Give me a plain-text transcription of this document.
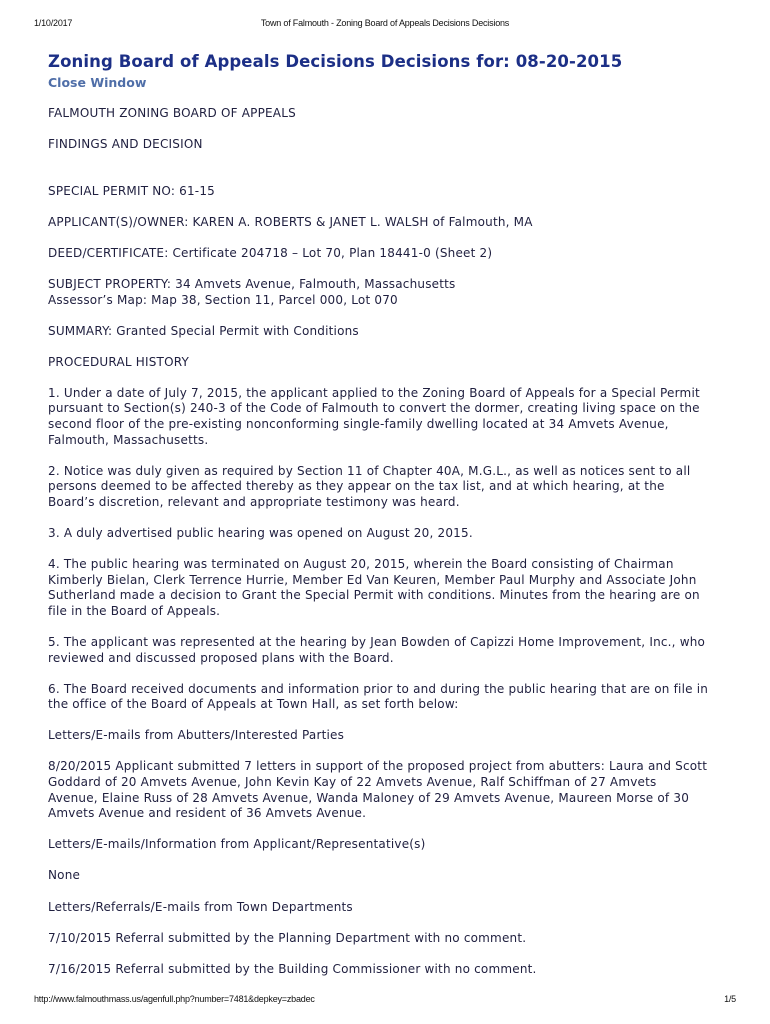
1/10/2017	Town of Falmouth - Zoning Board of Appeals Decisions Decisions
Zoning Board of Appeals Decisions Decisions for: 08-20-2015
Close Window

FALMOUTH ZONING BOARD OF APPEALS

FINDINGS AND DECISION

SPECIAL PERMIT NO: 61-15

APPLICANT(S)/OWNER: KAREN A. ROBERTS & JANET L. WALSH of Falmouth, MA

DEED/CERTIFICATE: Certificate 204718 – Lot 70, Plan 18441-0 (Sheet 2)

SUBJECT PROPERTY: 34 Amvets Avenue, Falmouth, Massachusetts
Assessor’s Map: Map 38, Section 11, Parcel 000, Lot 070

SUMMARY: Granted Special Permit with Conditions

PROCEDURAL HISTORY

1. Under a date of July 7, 2015, the applicant applied to the Zoning Board of Appeals for a Special Permit
pursuant to Section(s) 240-3 of the Code of Falmouth to convert the dormer, creating living space on the
second floor of the pre-existing nonconforming single-family dwelling located at 34 Amvets Avenue,
Falmouth, Massachusetts.

2. Notice was duly given as required by Section 11 of Chapter 40A, M.G.L., as well as notices sent to all
persons deemed to be affected thereby as they appear on the tax list, and at which hearing, at the
Board’s discretion, relevant and appropriate testimony was heard.

3. A duly advertised public hearing was opened on August 20, 2015.

4. The public hearing was terminated on August 20, 2015, wherein the Board consisting of Chairman
Kimberly Bielan, Clerk Terrence Hurrie, Member Ed Van Keuren, Member Paul Murphy and Associate John
Sutherland made a decision to Grant the Special Permit with conditions. Minutes from the hearing are on
file in the Board of Appeals.

5. The applicant was represented at the hearing by Jean Bowden of Capizzi Home Improvement, Inc., who
reviewed and discussed proposed plans with the Board.

6. The Board received documents and information prior to and during the public hearing that are on file in
the office of the Board of Appeals at Town Hall, as set forth below:

Letters/E-mails from Abutters/Interested Parties

8/20/2015 Applicant submitted 7 letters in support of the proposed project from abutters: Laura and Scott
Goddard of 20 Amvets Avenue, John Kevin Kay of 22 Amvets Avenue, Ralf Schiffman of 27 Amvets
Avenue, Elaine Russ of 28 Amvets Avenue, Wanda Maloney of 29 Amvets Avenue, Maureen Morse of 30
Amvets Avenue and resident of 36 Amvets Avenue.

Letters/E-mails/Information from Applicant/Representative(s)

None

Letters/Referrals/E-mails from Town Departments

7/10/2015 Referral submitted by the Planning Department with no comment.

7/16/2015 Referral submitted by the Building Commissioner with no comment.

http://www.falmouthmass.us/agenfull.php?number=7481&depkey=zbadec	1/5
